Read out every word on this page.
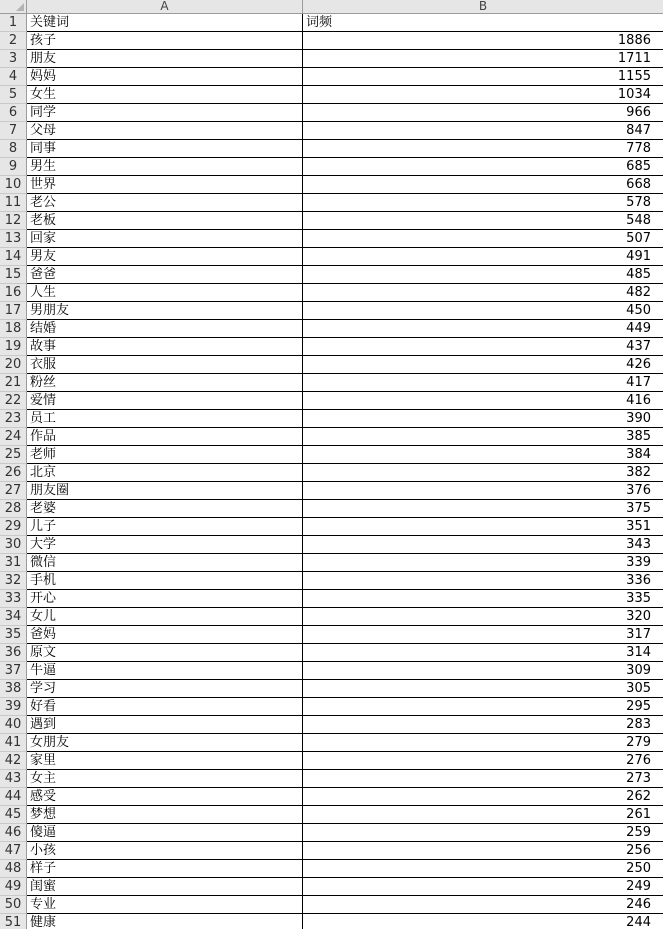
A	B
1 关键词	词频
2 孩子	1886
3 朋友	1711
4 妈妈	1155
5 女生	1034
6 同学	966
7 父母	847
8 同事	778
9 男生	685
10 世界	668
11 老公	578
12 老板	548
13 回家	507
14 男友	491
15 爸爸	485
16 人生	482
17 男朋友	450
18 结婚	449
19 故事	437
20 衣服	426
21 粉丝	417
22 爱情	416
23 员工	390
24 作品	385
25 老师	384
26 北京	382
27 朋友圈	376
28 老婆	375
29 儿子	351
30 大学	343
31 微信	339
32 手机	336
33 开心	335
34 女儿	320
35 爸妈	317
36 原文	314
37 牛逼	309
38 学习	305
39 好看	295
40 遇到	283
41 女朋友	279
42 家里	276
43 女主	273
44 感受	262
45 梦想	261
46 傻逼	259
47 小孩	256
48 样子	250
49 闺蜜	249
50 专业	246
51 健康	244
